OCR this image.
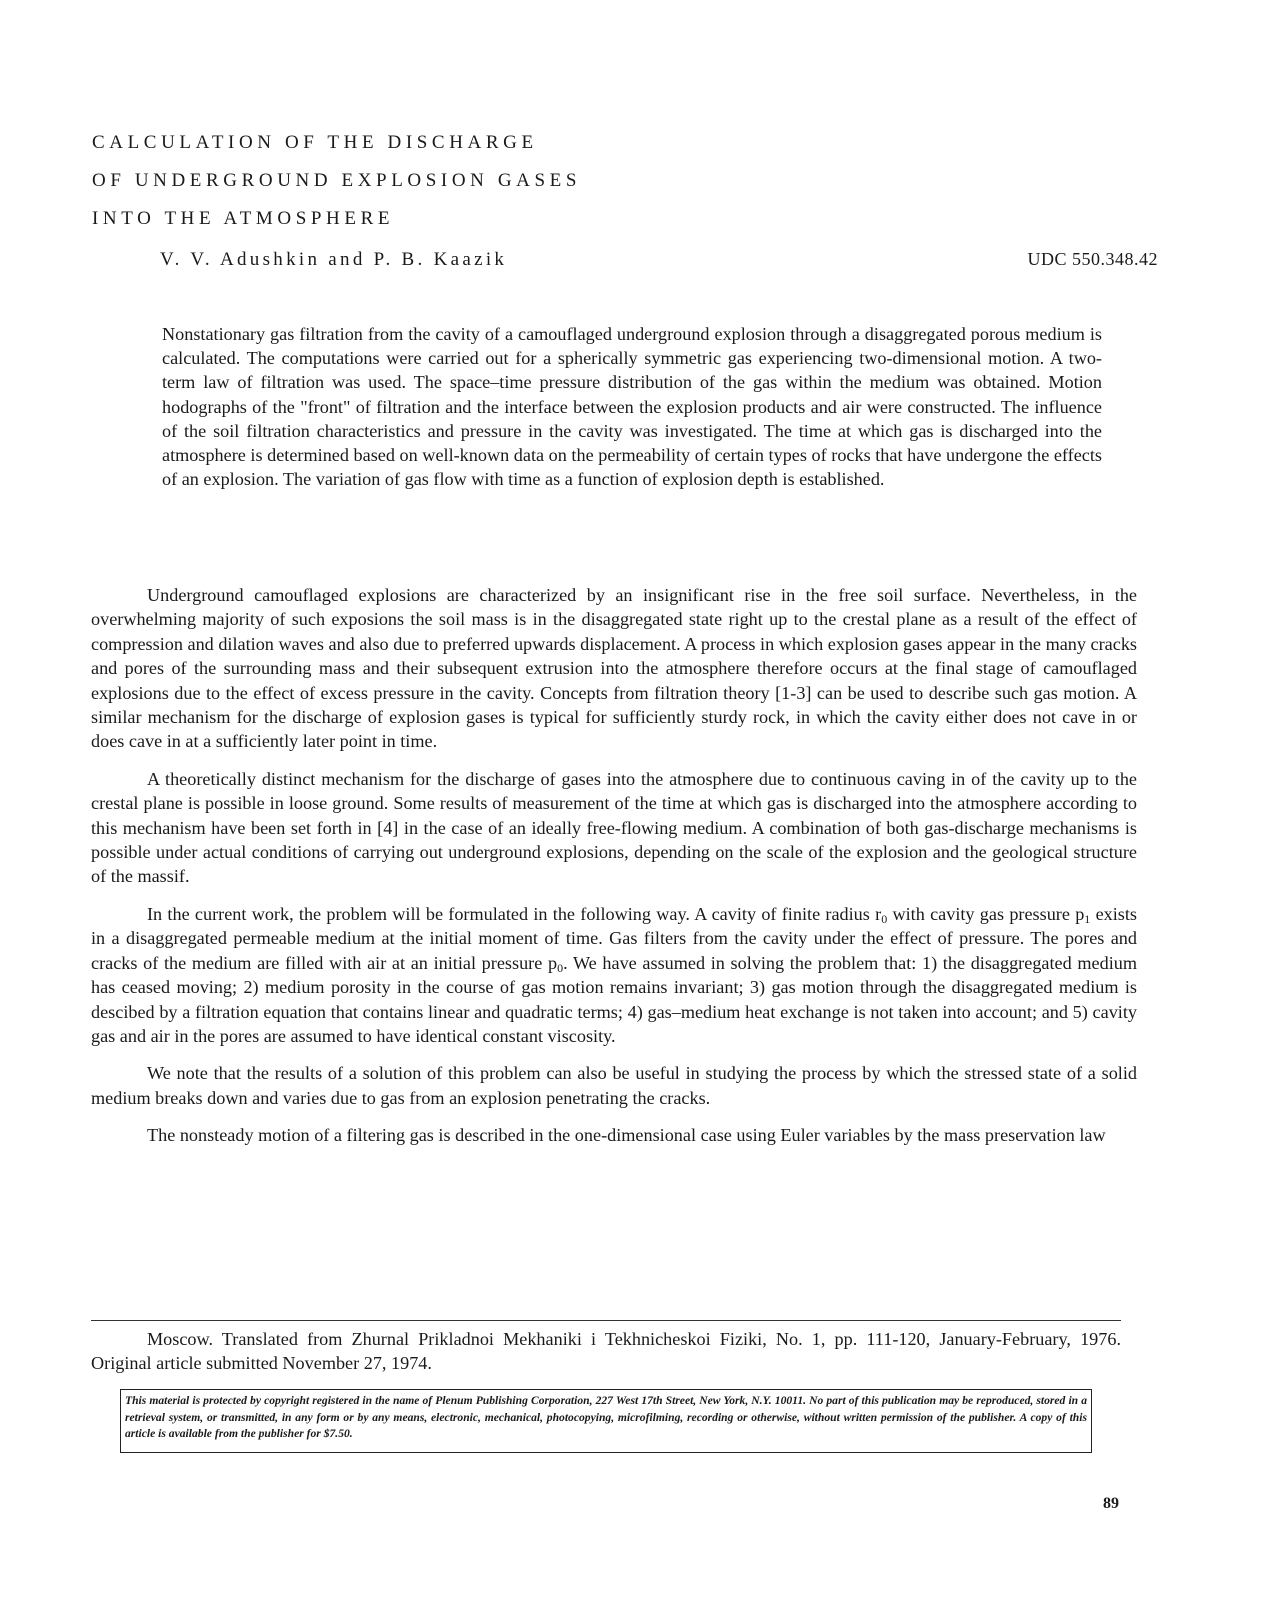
CALCULATION OF THE DISCHARGE
OF UNDERGROUND EXPLOSION GASES
INTO THE ATMOSPHERE
V. V. Adushkin and P. B. Kaazik	UDC 550.348.42
Nonstationary gas filtration from the cavity of a camouflaged underground explosion through a disaggregated porous medium is calculated. The computations were carried out for a spherically symmetric gas experiencing two-dimensional motion. A two-term law of filtration was used. The space–time pressure distribution of the gas within the medium was obtained. Motion hodographs of the "front" of filtration and the interface between the explosion products and air were constructed. The influence of the soil filtration characteristics and pressure in the cavity was investigated. The time at which gas is discharged into the atmosphere is determined based on well-known data on the permeability of certain types of rocks that have undergone the effects of an explosion. The variation of gas flow with time as a function of explosion depth is established.

Underground camouflaged explosions are characterized by an insignificant rise in the free soil surface. Nevertheless, in the overwhelming majority of such exposions the soil mass is in the disaggregated state right up to the crestal plane as a result of the effect of compression and dilation waves and also due to preferred upwards displacement. A process in which explosion gases appear in the many cracks and pores of the surrounding mass and their subsequent extrusion into the atmosphere therefore occurs at the final stage of camouflaged explosions due to the effect of excess pressure in the cavity. Concepts from filtration theory [1-3] can be used to describe such gas motion. A similar mechanism for the discharge of explosion gases is typical for sufficiently sturdy rock, in which the cavity either does not cave in or does cave in at a sufficiently later point in time.

A theoretically distinct mechanism for the discharge of gases into the atmosphere due to continuous caving in of the cavity up to the crestal plane is possible in loose ground. Some results of measurement of the time at which gas is discharged into the atmosphere according to this mechanism have been set forth in [4] in the case of an ideally free-flowing medium. A combination of both gas-discharge mechanisms is possible under actual conditions of carrying out underground explosions, depending on the scale of the explosion and the geological structure of the massif.

In the current work, the problem will be formulated in the following way. A cavity of finite radius $r_0$ with cavity gas pressure $p_1$ exists in a disaggregated permeable medium at the initial moment of time. Gas filters from the cavity under the effect of pressure. The pores and cracks of the medium are filled with air at an initial pressure $p_0$. We have assumed in solving the problem that: 1) the disaggregated medium has ceased moving; 2) medium porosity in the course of gas motion remains invariant; 3) gas motion through the disaggregated medium is descibed by a filtration equation that contains linear and quadratic terms; 4) gas–medium heat exchange is not taken into account; and 5) cavity gas and air in the pores are assumed to have identical constant viscosity.

We note that the results of a solution of this problem can also be useful in studying the process by which the stressed state of a solid medium breaks down and varies due to gas from an explosion penetrating the cracks.

The nonsteady motion of a filtering gas is described in the one-dimensional case using Euler variables by the mass preservation law

Moscow. Translated from Zhurnal Prikladnoi Mekhaniki i Tekhnicheskoi Fiziki, No. 1, pp. 111-120, January-February, 1976. Original article submitted November 27, 1974.
This material is protected by copyright registered in the name of Plenum Publishing Corporation, 227 West 17th Street, New York, N.Y. 10011. No part of this publication may be reproduced, stored in a retrieval system, or transmitted, in any form or by any means, electronic, mechanical, photocopying, microfilming, recording or otherwise, without written permission of the publisher. A copy of this article is available from the publisher for $7.50.
89
